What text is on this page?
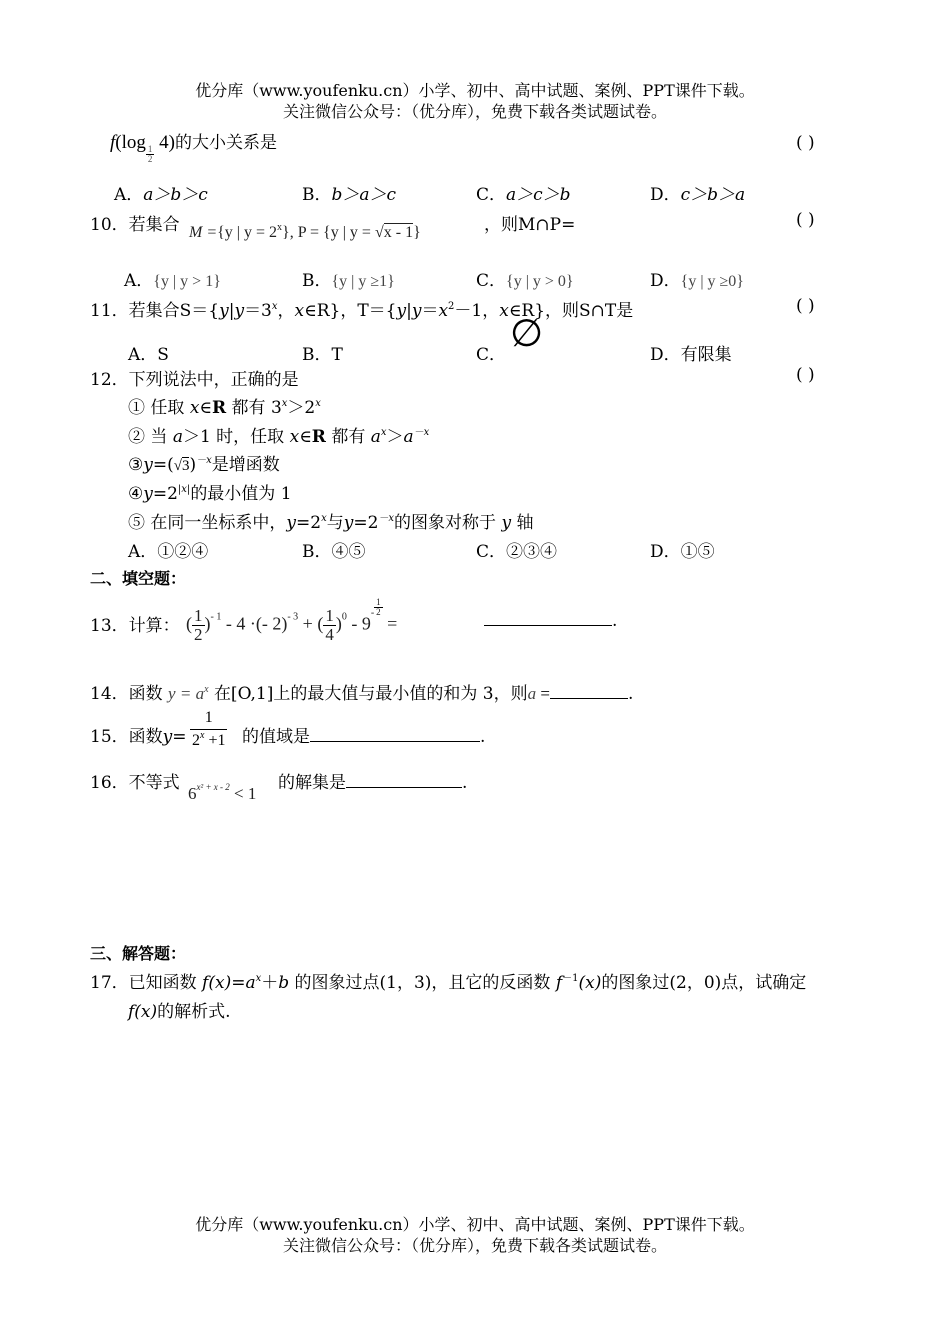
优分库（www.youfenku.cn）小学、初中、高中试题、案例、PPT课件下载。
关注微信公众号：（优分库），免费下载各类试题试卷。
f(log
$\frac{1}{2}$
4)的大小关系是	( )
A．a＞b＞c	B．b＞a＞c	C．a＞c＞b	D．c＞b＞a
10．若集合 M ={y | $y = 2^x$}, P = {y | y = √x - 1}	，则M∩P=	( )
A．{y | y > 1}	B．{y | y ≥1}	C．{y | y > 0}	D．{y | y ≥0}
11．若集合$S=\{y|y=3^x$，x∈R}，$T=\{y|y=x^2-1$，x∈R}，则S∩T是	( )
A．S	B．T	C． ∅	D．有限集
12．下列说法中，正确的是	( )
① 任取 x∈R 都有 $3^x>2^x$
② 当 a＞1 时，任取 x∈R 都有 $a^x>a^{-x}$
$③y=(√3)^{-x}$是增函数
$④y=2^{|x|}$的最小值为 1
⑤ 在同一坐标系中，$y=2^x$与$y=2^{-x}$的图象对称于 y 轴
A．①②④	B．④⑤	C．②③④	D．①⑤
二、填空题：
13．计算： ( $\frac{1}{2} )^{- 1} - 4$ ·(- 2)$^{- 3}$ + ( $\frac{1}{4} )^0 - 9^- \frac{1}{2}$
=	.
14．函数 $y = a^x$ 在[O,1]上的最大值与最小值的和为 3，则a =	.
15．函数$y= \frac{1}{2^x +1}$ 的值域是	.
16．不等式
$6^{x^2 + x - 2} < 1$
的解集是	.
三、解答题：
17．已知函数 $f(x)=a^x+b$ 的图象过点(1，3)，且它的反函数 $f^{-1}(x)$的图象过(2，0)点，试确定
f(x)的解析式.
优分库（www.youfenku.cn）小学、初中、高中试题、案例、PPT课件下载。
关注微信公众号：（优分库），免费下载各类试题试卷。
